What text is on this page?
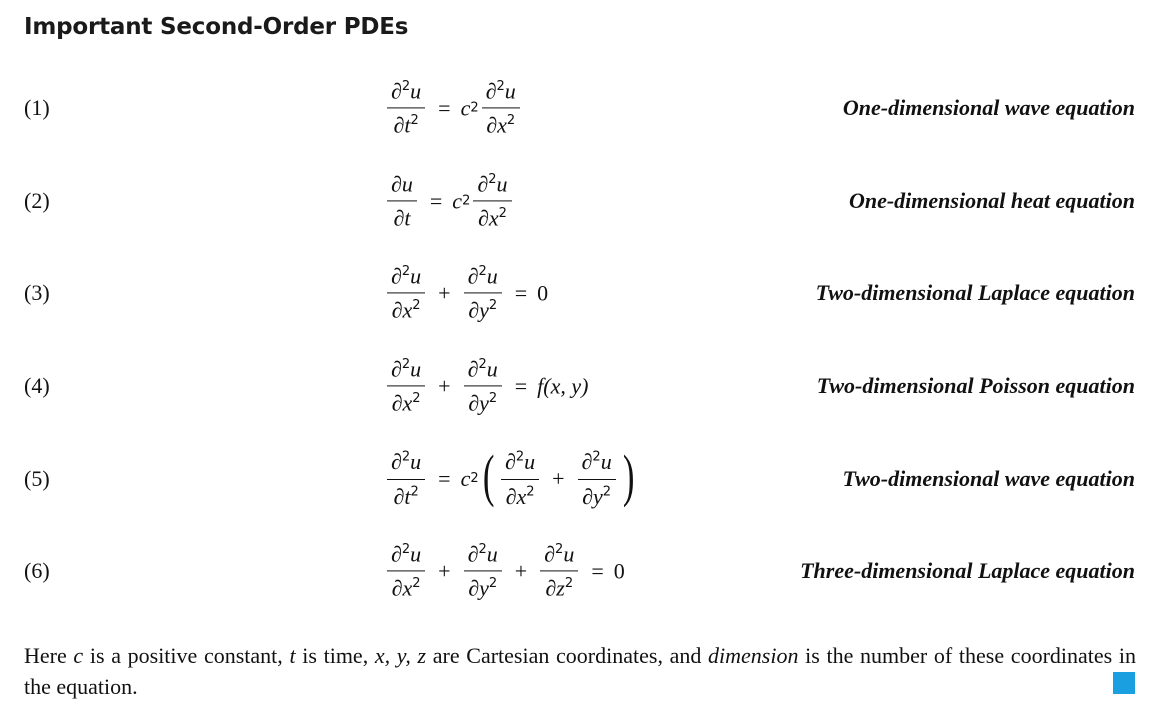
Important Second-Order PDEs
(1)	$\frac{\partial^2u}{\partial t^2} = c$ $2 \frac{\partial^2u}{\partial x^2}$	One-dimensional wave equation
(2)	$\frac{\partial u}{\partial t} = c$ $2 \frac{\partial^2u}{\partial x^2}$	One-dimensional heat equation
(3)	$\frac{\partial^2u}{\partial x^2} + \frac{\partial^2u}{\partial y^2} = 0$	Two-dimensional Laplace equation
(4)	$\frac{\partial^2u}{\partial x^2} + \frac{\partial^2u}{\partial y^2} = f(x$, y)	Two-dimensional Poisson equation
(5)	$\frac{\partial^2u}{\partial t^2} = c$ 2 ( $\frac{\partial^2u}{\partial x^2} + \frac{\partial^2u}{\partial y^2}$ )	Two-dimensional wave equation
(6)	$\frac{\partial^2u}{\partial x^2} + \frac{\partial^2u}{\partial y^2} + \frac{\partial^2u}{\partial z^2} = 0$	Three-dimensional Laplace equation

Here c is a positive constant, t is time, x, y, z are Cartesian coordinates, and dimension is the number of these coordinates in the equation.
